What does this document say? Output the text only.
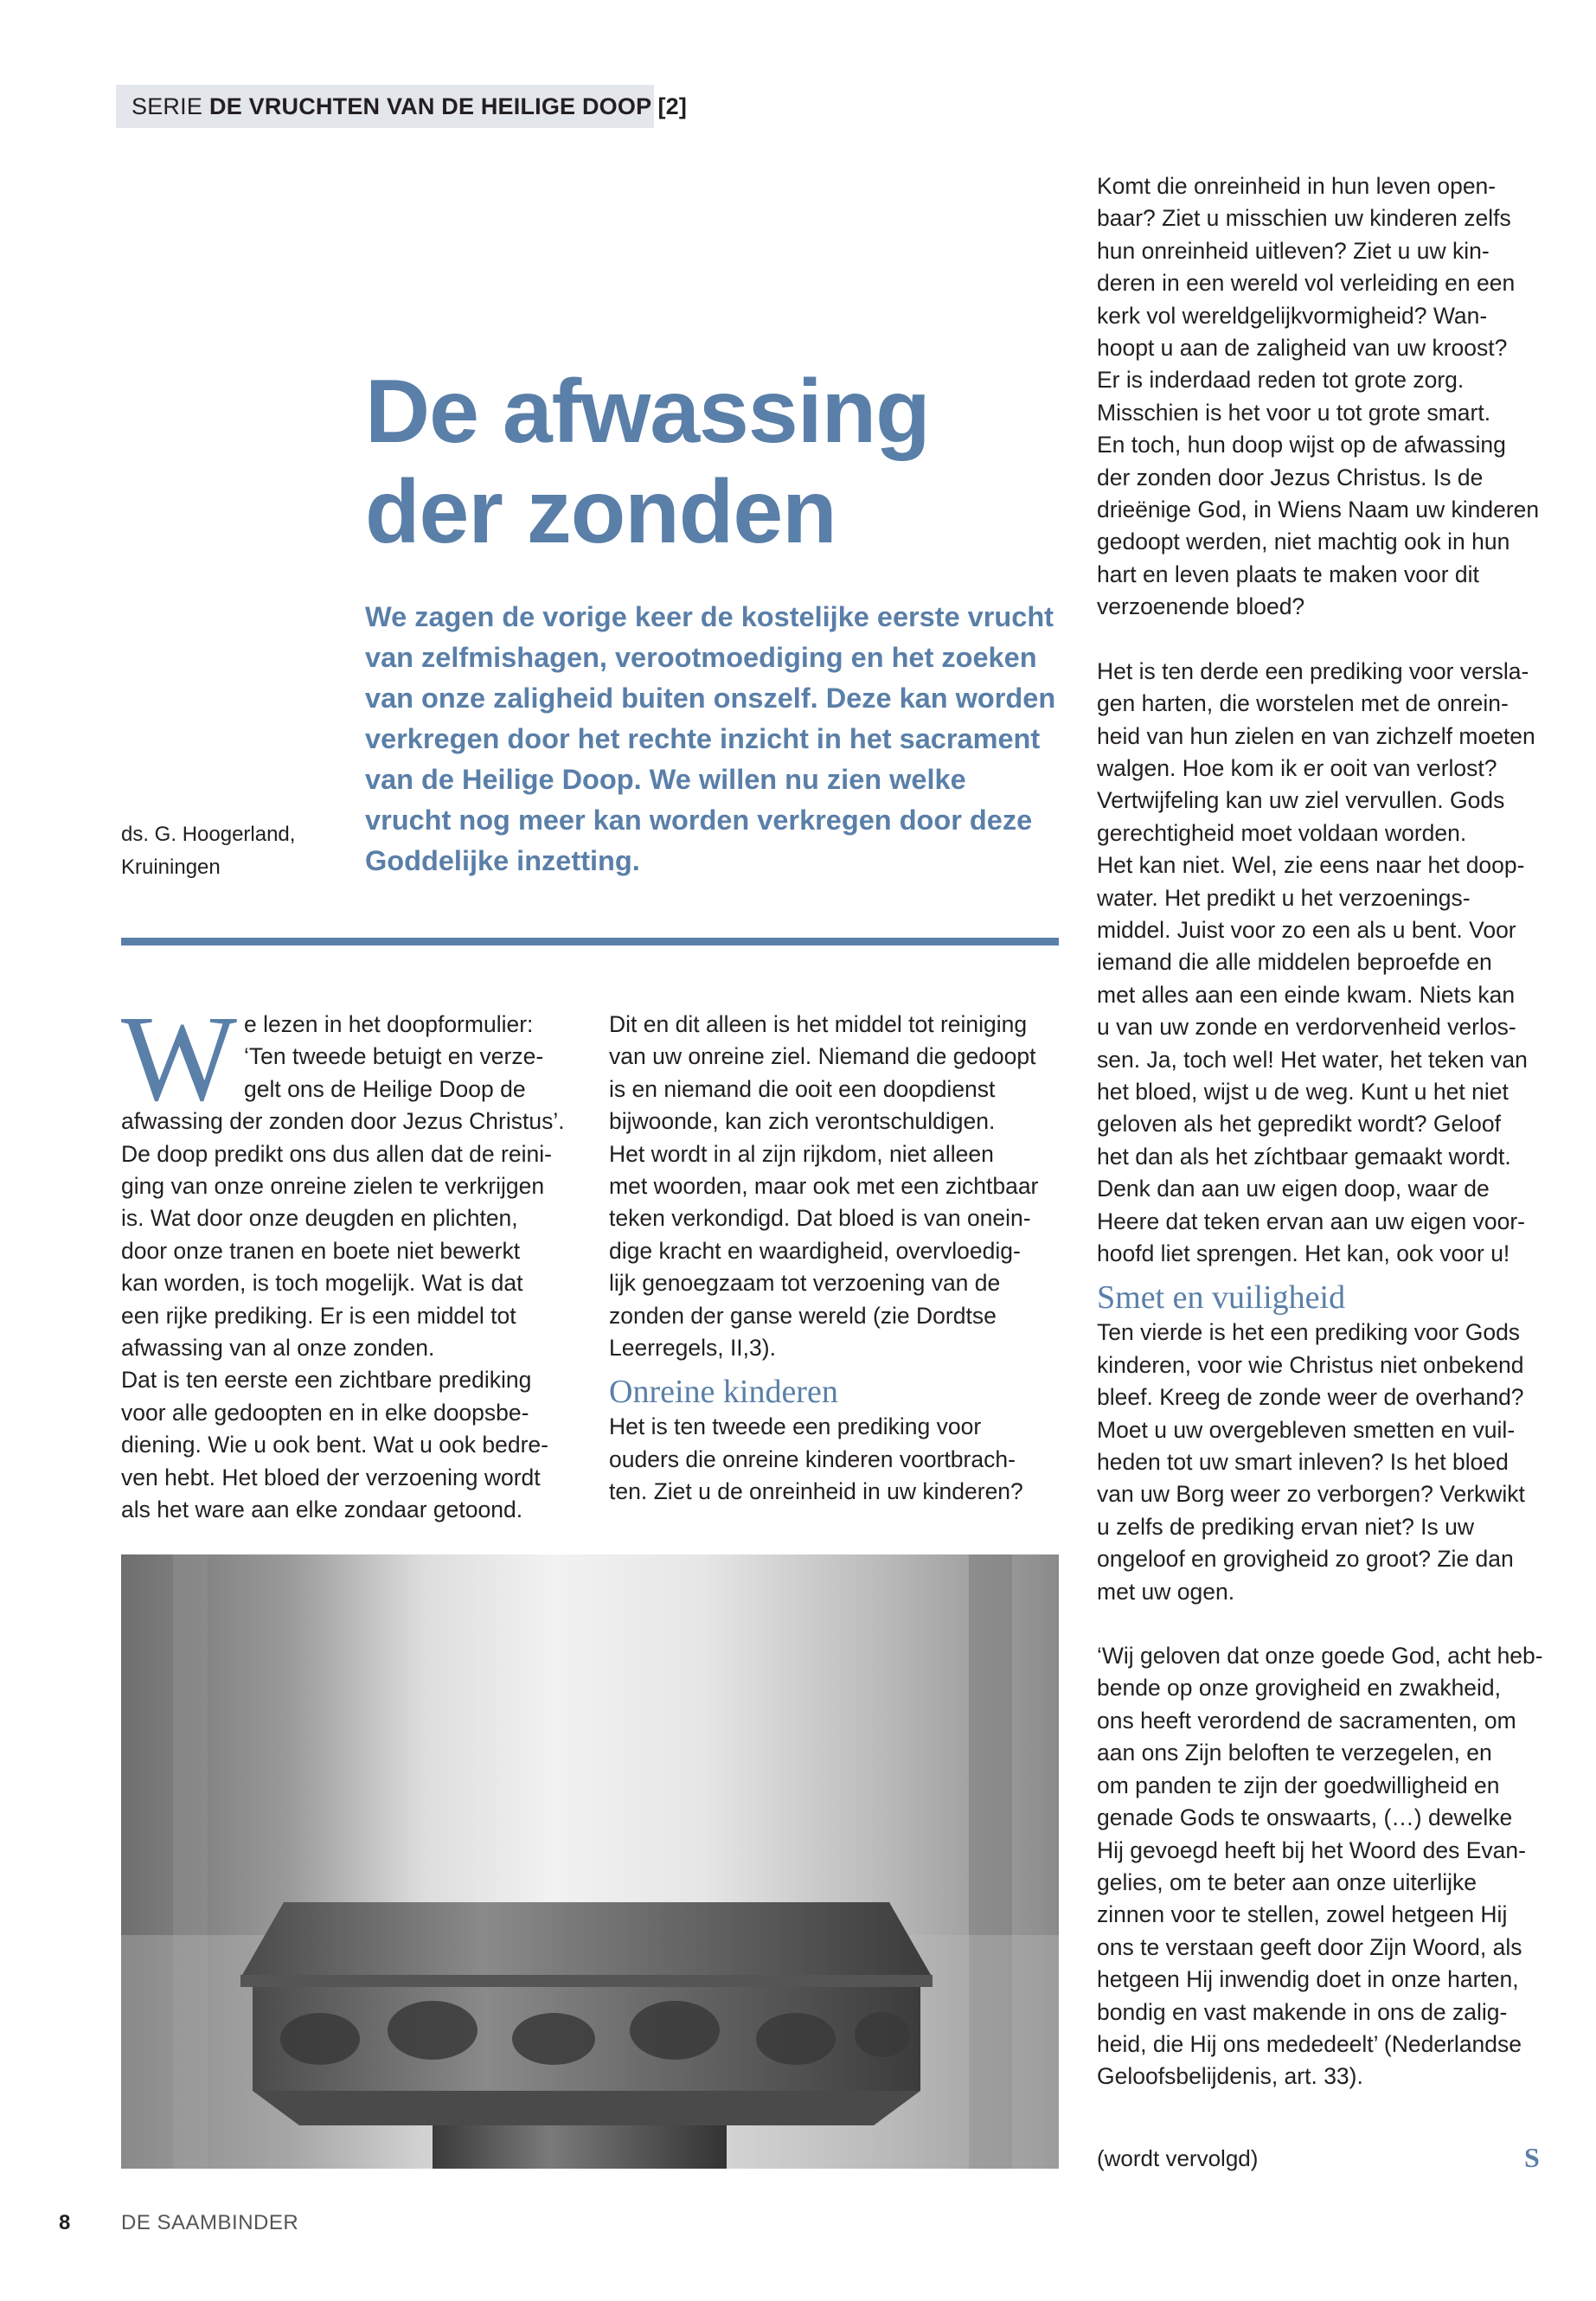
SERIE DE VRUCHTEN VAN DE HEILIGE DOOP [2]
De afwassing
der zonden
We zagen de vorige keer de kostelijke eerste vrucht
van zelfmishagen, verootmoediging en het zoeken
van onze zaligheid buiten onszelf. Deze kan worden
verkregen door het rechte inzicht in het sacrament
van de Heilige Doop. We willen nu zien welke
vrucht nog meer kan worden verkregen door deze
Goddelijke inzetting.
ds. G. Hoogerland,
Kruiningen
W e lezen in het doopformulier:
‘Ten tweede betuigt en verze-
gelt ons de Heilige Doop de
afwassing der zonden door Jezus Christus’.
De doop predikt ons dus allen dat de reini-
ging van onze onreine zielen te verkrijgen
is. Wat door onze deugden en plichten,
door onze tranen en boete niet bewerkt
kan worden, is toch mogelijk. Wat is dat
een rijke prediking. Er is een middel tot
afwassing van al onze zonden.
Dat is ten eerste een zichtbare prediking
voor alle gedoopten en in elke doopsbe-
diening. Wie u ook bent. Wat u ook bedre-
ven hebt. Het bloed der verzoening wordt
als het ware aan elke zondaar getoond.
Dit en dit alleen is het middel tot reiniging
van uw onreine ziel. Niemand die gedoopt
is en niemand die ooit een doopdienst
bijwoonde, kan zich verontschuldigen.
Het wordt in al zijn rijkdom, niet alleen
met woorden, maar ook met een zichtbaar
teken verkondigd. Dat bloed is van onein-
dige kracht en waardigheid, overvloedig-
lijk genoegzaam tot verzoening van de
zonden der ganse wereld (zie Dordtse
Leerregels, II,3).
Onreine kinderen
Het is ten tweede een prediking voor
ouders die onreine kinderen voortbrach-
ten. Ziet u de onreinheid in uw kinderen?
Komt die onreinheid in hun leven open-
baar? Ziet u misschien uw kinderen zelfs
hun onreinheid uitleven? Ziet u uw kin-
deren in een wereld vol verleiding en een
kerk vol wereldgelijkvormigheid? Wan-
hoopt u aan de zaligheid van uw kroost?
Er is inderdaad reden tot grote zorg.
Misschien is het voor u tot grote smart.
En toch, hun doop wijst op de afwassing
der zonden door Jezus Christus. Is de
drieënige God, in Wiens Naam uw kinderen
gedoopt werden, niet machtig ook in hun
hart en leven plaats te maken voor dit
verzoenende bloed?
Het is ten derde een prediking voor versla-
gen harten, die worstelen met de onrein-
heid van hun zielen en van zichzelf moeten
walgen. Hoe kom ik er ooit van verlost?
Vertwijfeling kan uw ziel vervullen. Gods
gerechtigheid moet voldaan worden.
Het kan niet. Wel, zie eens naar het doop-
water. Het predikt u het verzoenings-
middel. Juist voor zo een als u bent. Voor
iemand die alle middelen beproefde en
met alles aan een einde kwam. Niets kan
u van uw zonde en verdorvenheid verlos-
sen. Ja, toch wel! Het water, het teken van
het bloed, wijst u de weg. Kunt u het niet
geloven als het gepredikt wordt? Geloof
het dan als het zíchtbaar gemaakt wordt.
Denk dan aan uw eigen doop, waar de
Heere dat teken ervan aan uw eigen voor-
hoofd liet sprengen. Het kan, ook voor u!
Smet en vuiligheid
Ten vierde is het een prediking voor Gods
kinderen, voor wie Christus niet onbekend
bleef. Kreeg de zonde weer de overhand?
Moet u uw overgebleven smetten en vuil-
heden tot uw smart inleven? Is het bloed
van uw Borg weer zo verborgen? Verkwikt
u zelfs de prediking ervan niet? Is uw
ongeloof en grovigheid zo groot? Zie dan
met uw ogen.
‘Wij geloven dat onze goede God, acht heb-
bende op onze grovigheid en zwakheid,
ons heeft verordend de sacramenten, om
aan ons Zijn beloften te verzegelen, en
om panden te zijn der goedwilligheid en
genade Gods te onswaarts, (…) dewelke
Hij gevoegd heeft bij het Woord des Evan-
gelies, om te beter aan onze uiterlijke
zinnen voor te stellen, zowel hetgeen Hij
ons te verstaan geeft door Zijn Woord, als
hetgeen Hij inwendig doet in onze harten,
bondig en vast makende in ons de zalig-
heid, die Hij ons mededeelt’ (Nederlandse
Geloofsbelijdenis, art. 33).
(wordt vervolgd)	S
8 DE SAAMBINDER
